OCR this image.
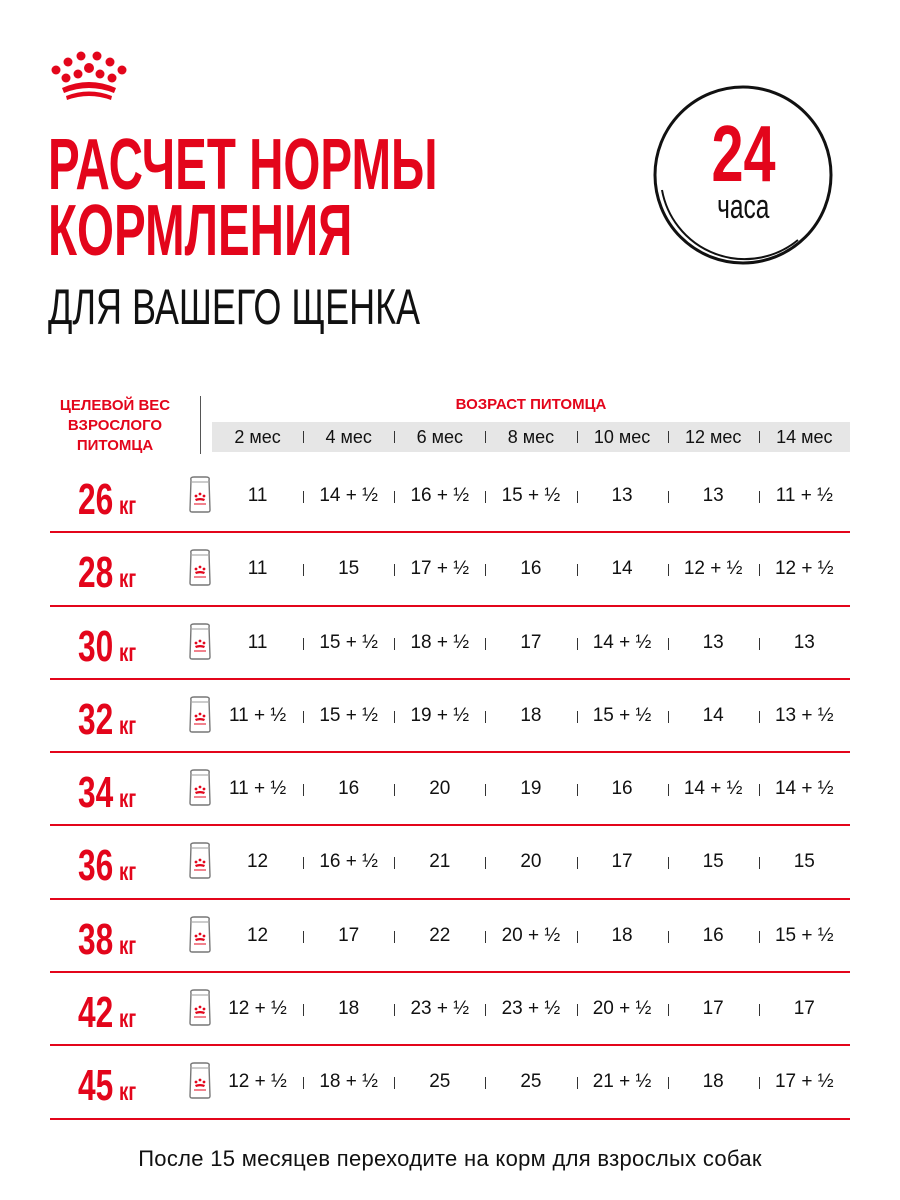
РАСЧЕТ НОРМЫ
КОРМЛЕНИЯ
ДЛЯ ВАШЕГО ЩЕНКА
24
часа
ЦЕЛЕВОЙ ВЕС
ВЗРОСЛОГО
ПИТОМЦА
ВОЗРАСТ ПИТОМЦА
2 мес	4 мес	6 мес	8 мес	10 мес	12 мес	14 мес
26 кг	11	14 + ½	16 + ½	15 + ½	13	13	11 + ½
28 кг	11	15	17 + ½	16	14	12 + ½	12 + ½
30 кг	11	15 + ½	18 + ½	17	14 + ½	13	13
32 кг	11 + ½	15 + ½	19 + ½	18	15 + ½	14	13 + ½
34 кг	11 + ½	16	20	19	16	14 + ½	14 + ½
36 кг	12	16 + ½	21	20	17	15	15
38 кг	12	17	22	20 + ½	18	16	15 + ½
42 кг	12 + ½	18	23 + ½	23 + ½	20 + ½	17	17
45 кг	12 + ½	18 + ½	25	25	21 + ½	18	17 + ½
После 15 месяцев переходите на корм для взрослых собак
